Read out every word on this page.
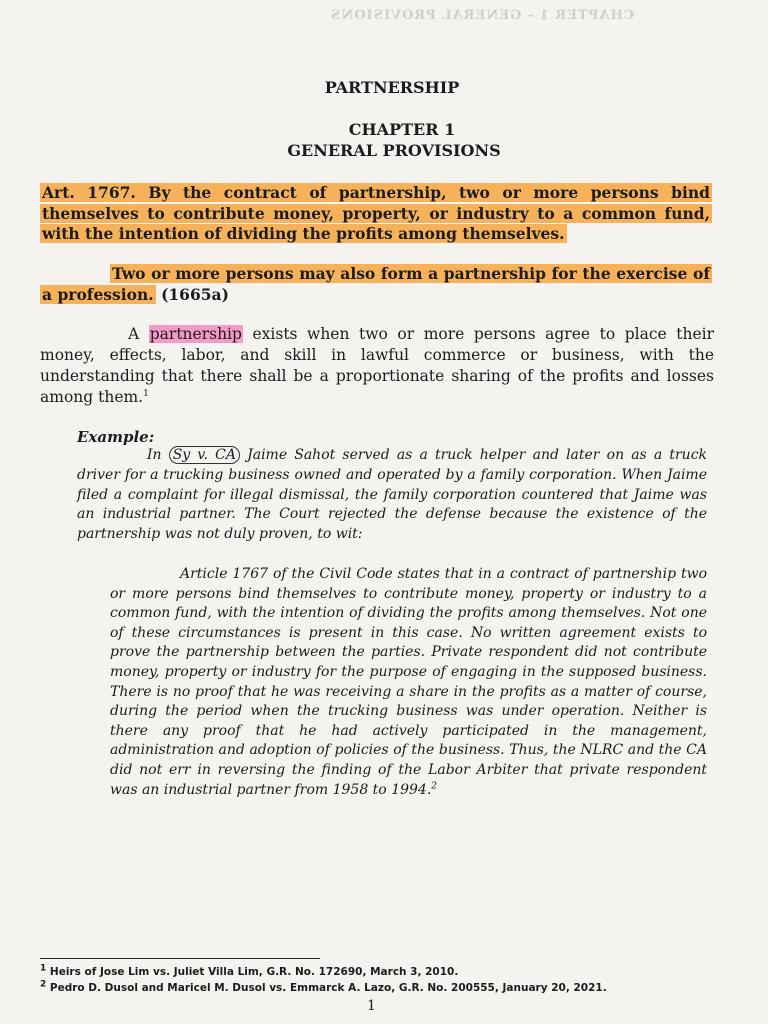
CHAPTER 1 - GENERAL PROVISIONS
PARTNERSHIP
CHAPTER 1
GENERAL PROVISIONS
Art. 1767. By the contract of partnership, two or more persons bind themselves to contribute money, property, or industry to a common fund, with the intention of dividing the profits among themselves.
Two or more persons may also form a partnership for the exercise of a profession. (1665a)
A partnership exists when two or more persons agree to place their money, effects, labor, and skill in lawful commerce or business, with the understanding that there shall be a proportionate sharing of the profits and losses among them.$^1$
Example:
In Sy v. CA Jaime Sahot served as a truck helper and later on as a truck driver for a trucking business owned and operated by a family corporation. When Jaime filed a complaint for illegal dismissal, the family corporation countered that Jaime was an industrial partner. The Court rejected the defense because the existence of the partnership was not duly proven, to wit:
Article 1767 of the Civil Code states that in a contract of partnership two or more persons bind themselves to contribute money, property or industry to a common fund, with the intention of dividing the profits among themselves. Not one of these circumstances is present in this case. No written agreement exists to prove the partnership between the parties. Private respondent did not contribute money, property or industry for the purpose of engaging in the supposed business. There is no proof that he was receiving a share in the profits as a matter of course, during the period when the trucking business was under operation. Neither is there any proof that he had actively participated in the management, administration and adoption of policies of the business. Thus, the NLRC and the CA did not err in reversing the finding of the Labor Arbiter that private respondent was an industrial partner from 1958 to 1994.$^2$
$^1$ Heirs of Jose Lim vs. Juliet Villa Lim, G.R. No. 172690, March 3, 2010.
$^2$ Pedro D. Dusol and Maricel M. Dusol vs. Emmarck A. Lazo, G.R. No. 200555, January 20, 2021.
1
